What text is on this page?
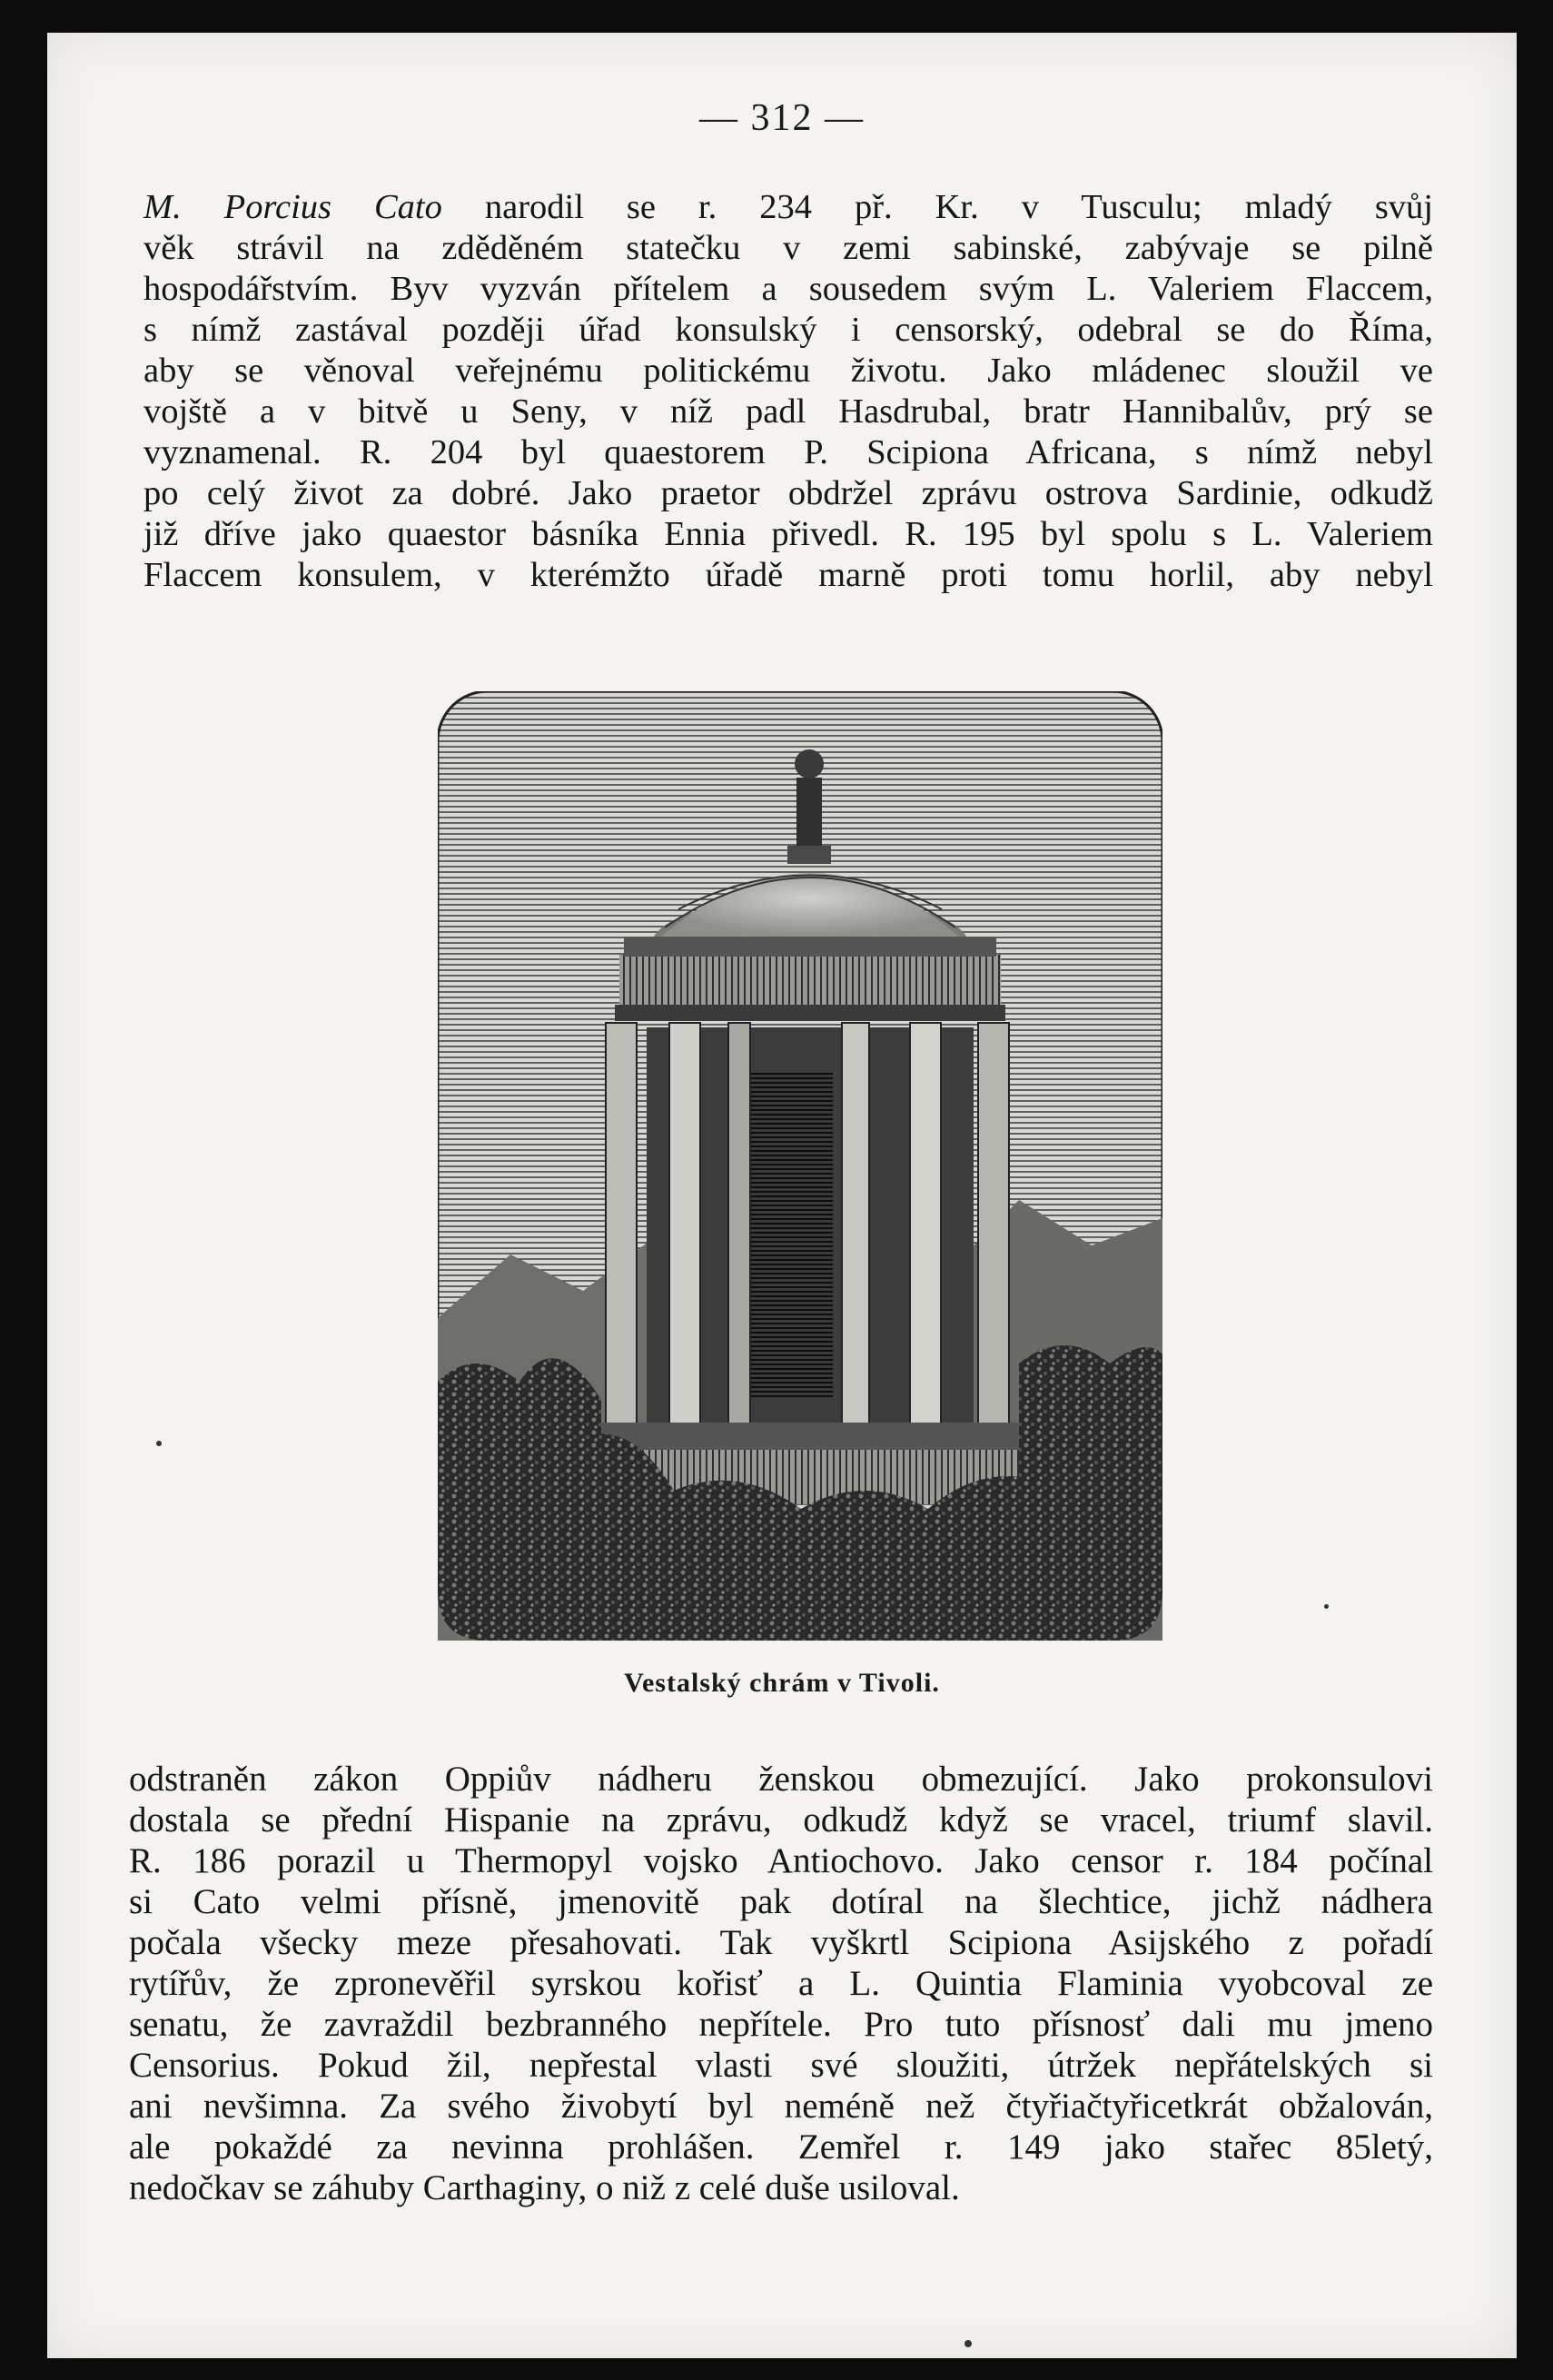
— 312 —
M. Porcius Cato narodil se r. 234 př. Kr. v Tusculu; mladý svůj
věk strávil na zděděném statečku v zemi sabinské, zabývaje se pilně
hospodářstvím. Byv vyzván přítelem a sousedem svým L. Valeriem Flaccem,
s nímž zastával později úřad konsulský i censorský, odebral se do Říma,
aby se věnoval veřejnému politickému životu. Jako mládenec sloužil ve
vojště a v bitvě u Seny, v níž padl Hasdrubal, bratr Hannibalův, prý se
vyznamenal. R. 204 byl quaestorem P. Scipiona Africana, s nímž nebyl
po celý život za dobré. Jako praetor obdržel zprávu ostrova Sardinie, odkudž
již dříve jako quaestor básníka Ennia přivedl. R. 195 byl spolu s L. Valeriem
Flaccem konsulem, v kterémžto úřadě marně proti tomu horlil, aby nebyl
Vestalský chrám v Tivoli.
odstraněn zákon Oppiův nádheru ženskou obmezující. Jako prokonsulovi
dostala se přední Hispanie na zprávu, odkudž když se vracel, triumf slavil.
R. 186 porazil u Thermopyl vojsko Antiochovo. Jako censor r. 184 počínal
si Cato velmi přísně, jmenovitě pak dotíral na šlechtice, jichž nádhera
počala všecky meze přesahovati. Tak vyškrtl Scipiona Asijského z pořadí
rytířův, že zpronevěřil syrskou kořisť a L. Quintia Flaminia vyobcoval ze
senatu, že zavraždil bezbranného nepřítele. Pro tuto přísnosť dali mu jmeno
Censorius. Pokud žil, nepřestal vlasti své sloužiti, útržek nepřátelských si
ani nevšimna. Za svého živobytí byl neméně než čtyřiačtyřicetkrát obžalován,
ale pokaždé za nevinna prohlášen. Zemřel r. 149 jako stařec 85letý,
nedočkav se záhuby Carthaginy, o niž z celé duše usiloval.
